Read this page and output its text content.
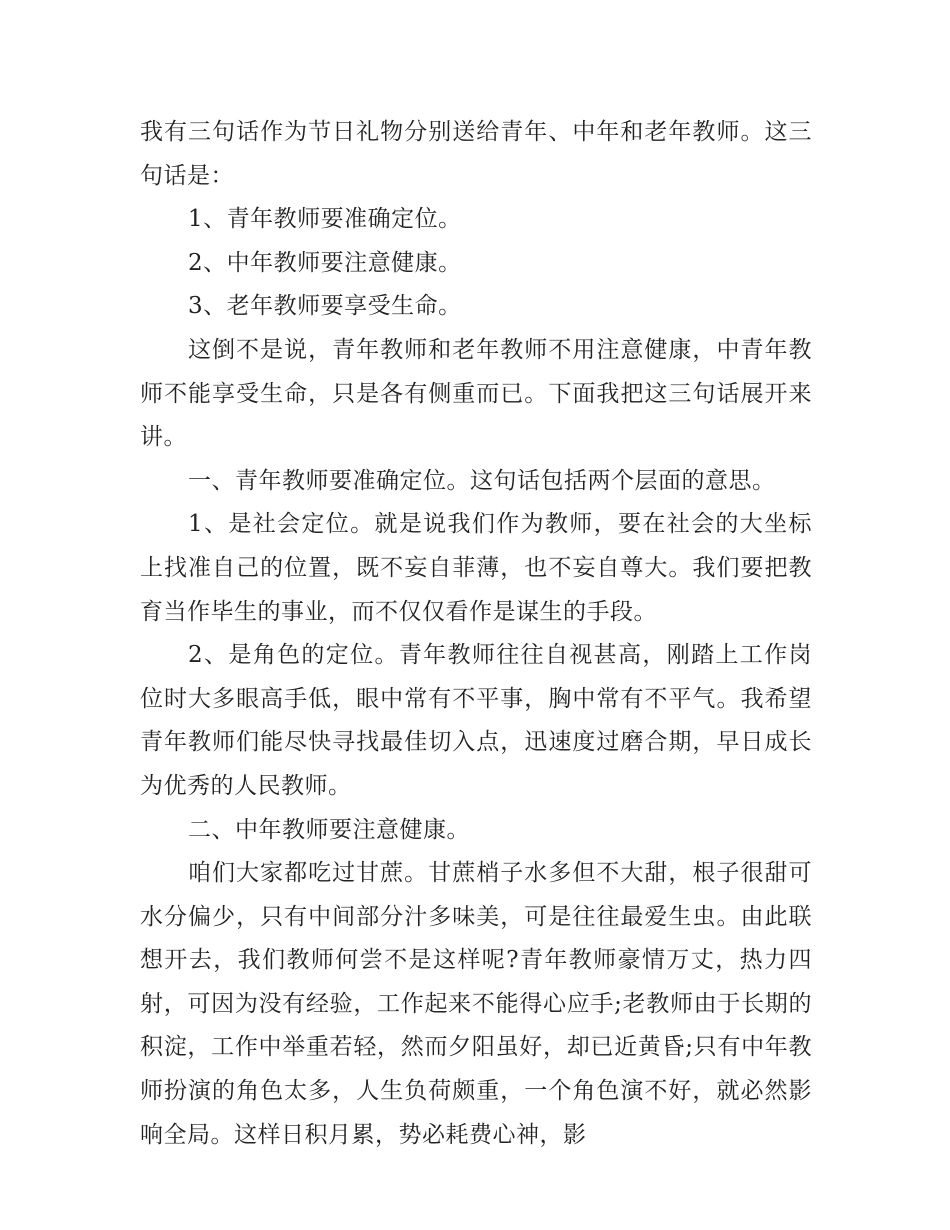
我有三句话作为节日礼物分别送给青年、中年和老年教师。这三句话是：

1、青年教师要准确定位。

2、中年教师要注意健康。

3、老年教师要享受生命。

这倒不是说，青年教师和老年教师不用注意健康，中青年教师不能享受生命，只是各有侧重而已。下面我把这三句话展开来讲。

一、青年教师要准确定位。这句话包括两个层面的意思。

1、是社会定位。就是说我们作为教师，要在社会的大坐标上找准自己的位置，既不妄自菲薄，也不妄自尊大。我们要把教育当作毕生的事业，而不仅仅看作是谋生的手段。

2、是角色的定位。青年教师往往自视甚高，刚踏上工作岗位时大多眼高手低，眼中常有不平事，胸中常有不平气。我希望青年教师们能尽快寻找最佳切入点，迅速度过磨合期，早日成长为优秀的人民教师。

二、中年教师要注意健康。

咱们大家都吃过甘蔗。甘蔗梢子水多但不大甜，根子很甜可水分偏少，只有中间部分汁多味美，可是往往最爱生虫。由此联想开去，我们教师何尝不是这样呢?青年教师豪情万丈，热力四射，可因为没有经验，工作起来不能得心应手;老教师由于长期的积淀，工作中举重若轻，然而夕阳虽好，却已近黄昏;只有中年教师扮演的角色太多，人生负荷颇重，一个角色演不好，就必然影响全局。这样日积月累，势必耗费心神，影
